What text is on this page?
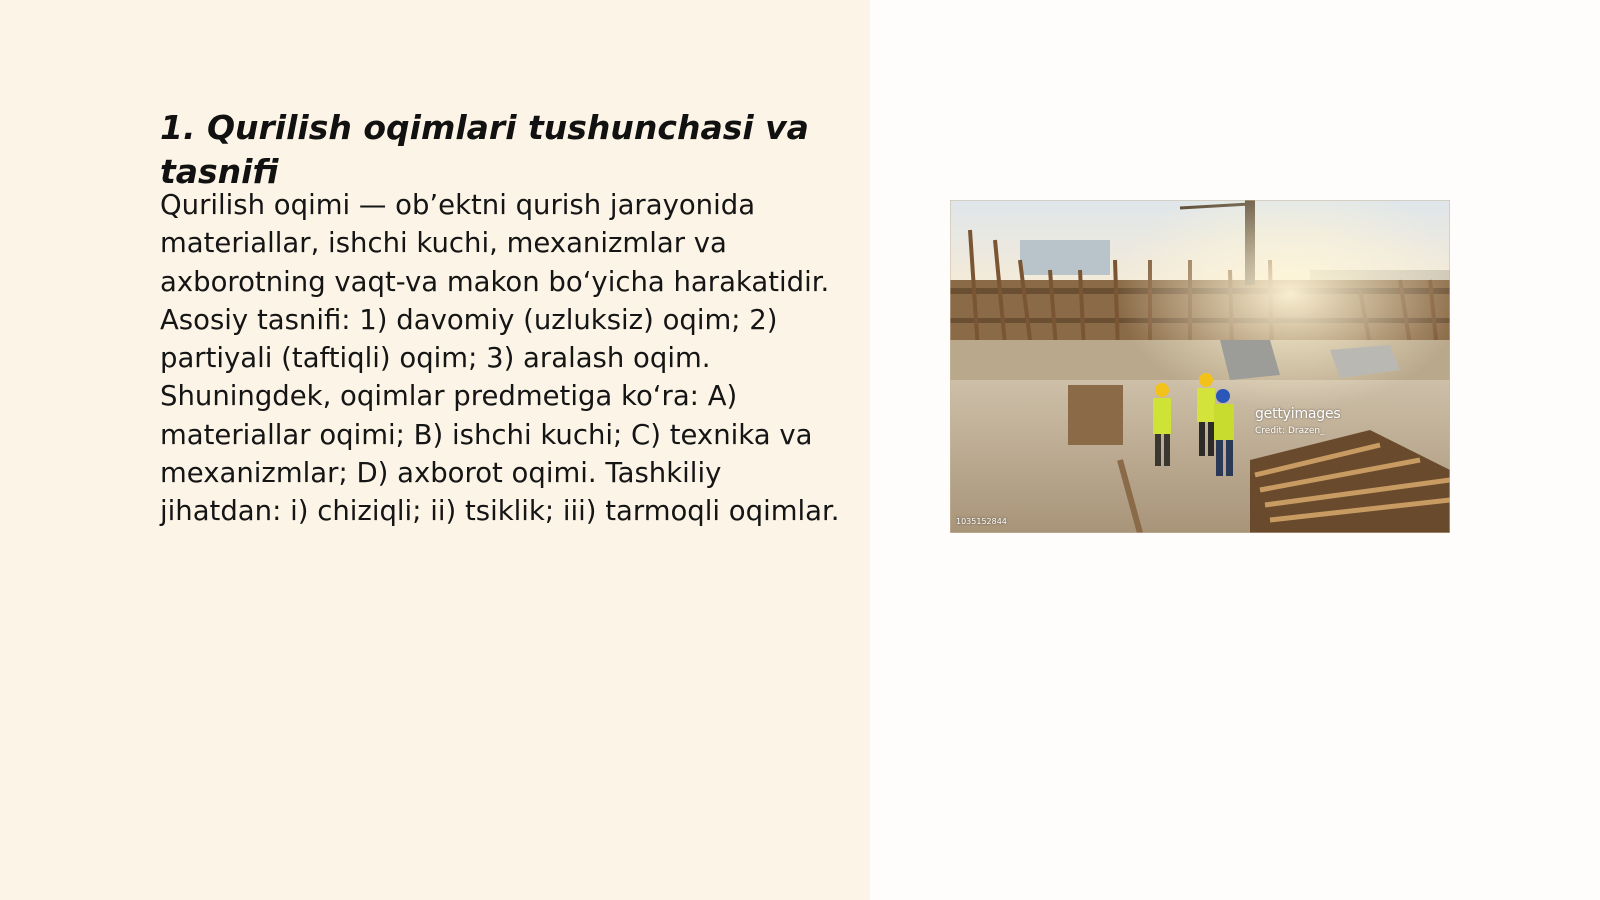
1. Qurilish oqimlari tushunchasi va tasnifi

Qurilish oqimi — ob’ektni qurish jarayonida materiallar, ishchi kuchi, mexanizmlar va axborotning vaqt-va makon bo‘yicha harakatidir. Asosiy tasnifi: 1) davomiy (uzluksiz) oqim; 2) partiyali (taftiqli) oqim; 3) aralash oqim. Shuningdek, oqimlar predmetiga ko‘ra: A) materiallar oqimi; B) ishchi kuchi; C) texnika va mexanizmlar; D) axborot oqimi. Tashkiliy jihatdan: i) chiziqli; ii) tsiklik; iii) tarmoqli oqimlar.

gettyimages
Credit: Drazen_
1035152844
